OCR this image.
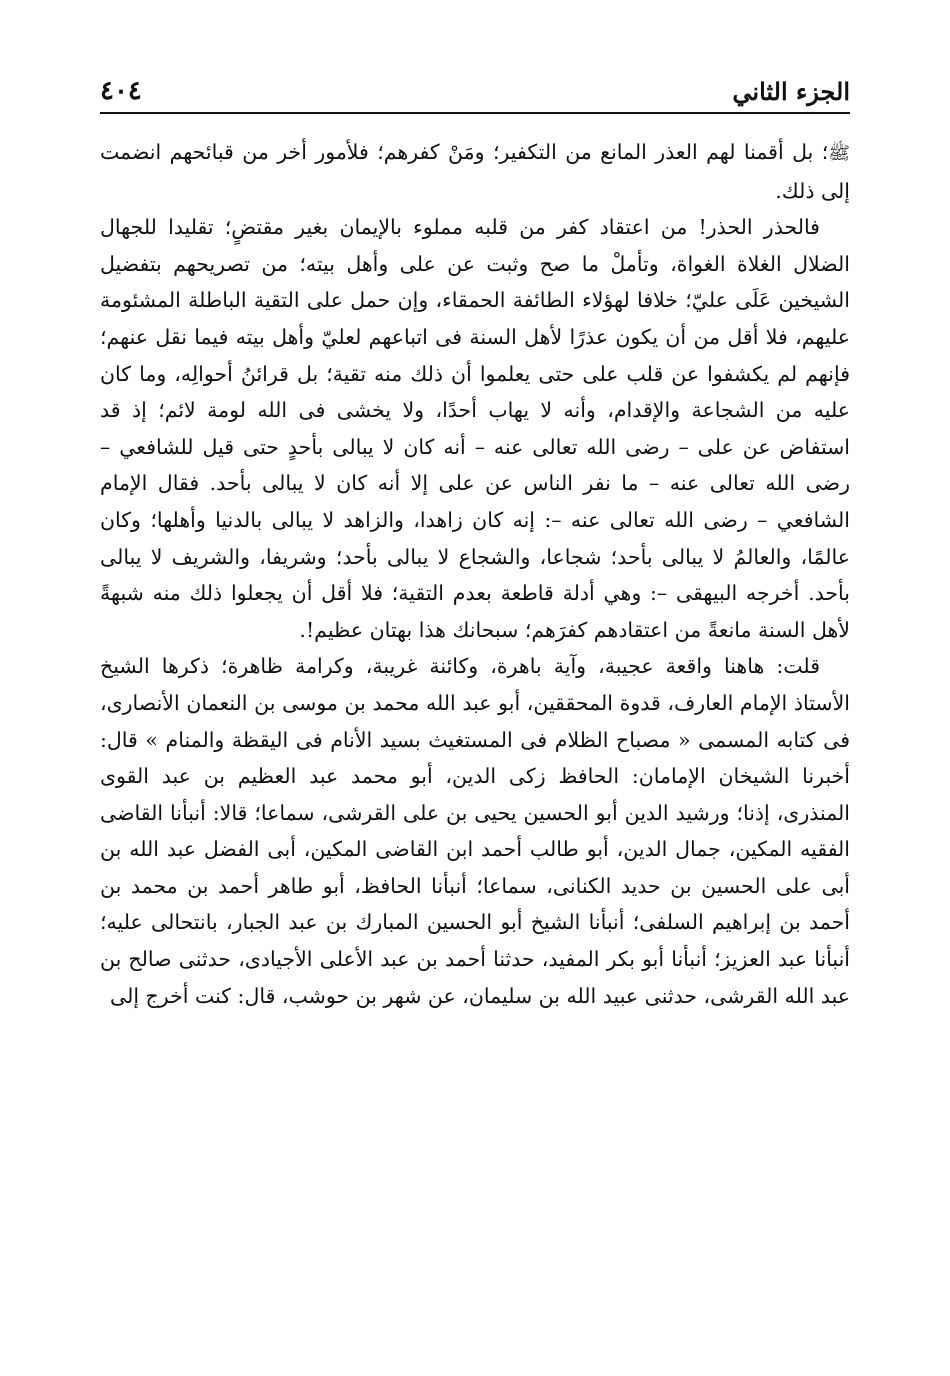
٤٠٤	الجزء الثاني

ﷺ؛ بل أقمنا لهم العذر المانع من التكفير؛ ومَنْ كفرهم؛ فلأمور أخر من قبائحهم انضمت إلى ذلك.

فالحذر الحذر! من اعتقاد كفر من قلبه مملوء بالإيمان بغير مقتضٍ؛ تقليدا للجهال الضلال الغلاة الغواة، وتأملْ ما صح وثبت عن على وأهل بيته؛ من تصريحهم بتفضيل الشيخين عَلَى عليّ؛ خلافا لهؤلاء الطائفة الحمقاء، وإن حمل على التقية الباطلة المشئومة عليهم، فلا أقل من أن يكون عذرًا لأهل السنة فى اتباعهم لعليّ وأهل بيته فيما نقل عنهم؛ فإنهم لم يكشفوا عن قلب على حتى يعلموا أن ذلك منه تقية؛ بل قرائنُ أحوالِه، وما كان عليه من الشجاعة والإقدام، وأنه لا يهاب أحدًا، ولا يخشى فى الله لومة لائم؛ إذ قد استفاض عن على – رضى الله تعالى عنه – أنه كان لا يبالى بأحدٍ حتى قيل للشافعي – رضى الله تعالى عنه – ما نفر الناس عن على إلا أنه كان لا يبالى بأحد. فقال الإمام الشافعي – رضى الله تعالى عنه –: إنه كان زاهدا، والزاهد لا يبالى بالدنيا وأهلها؛ وكان عالمًا، والعالمُ لا يبالى بأحد؛ شجاعا، والشجاع لا يبالى بأحد؛ وشريفا، والشريف لا يبالى بأحد. أخرجه البيهقى –: وهي أدلة قاطعة بعدم التقية؛ فلا أقل أن يجعلوا ذلك منه شبهةً لأهل السنة مانعةً من اعتقادهم كفرَهم؛ سبحانك هذا بهتان عظيم!.

قلت: هاهنا واقعة عجيبة، وآية باهرة، وكائنة غريبة، وكرامة ظاهرة؛ ذكرها الشيخ الأستاذ الإمام العارف، قدوة المحققين، أبو عبد الله محمد بن موسى بن النعمان الأنصارى، فى كتابه المسمى « مصباح الظلام فى المستغيث بسيد الأنام فى اليقظة والمنام » قال: أخبرنا الشيخان الإمامان: الحافظ زكى الدين، أبو محمد عبد العظيم بن عبد القوى المنذرى، إذنا؛ ورشيد الدين أبو الحسين يحيى بن على القرشى، سماعا؛ قالا: أنبأنا القاضى الفقيه المكين، جمال الدين، أبو طالب أحمد ابن القاضى المكين، أبى الفضل عبد الله بن أبى على الحسين بن حديد الكنانى، سماعا؛ أنبأنا الحافظ، أبو طاهر أحمد بن محمد بن أحمد بن إبراهيم السلفى؛ أنبأنا الشيخ أبو الحسين المبارك بن عبد الجبار، بانتحالى عليه؛ أنبأنا عبد العزيز؛ أنبأنا أبو بكر المفيد، حدثنا أحمد بن عبد الأعلى الأجيادى، حدثنى صالح بن عبد الله القرشى، حدثنى عبيد الله بن سليمان، عن شهر بن حوشب، قال: كنت أخرج إلى
